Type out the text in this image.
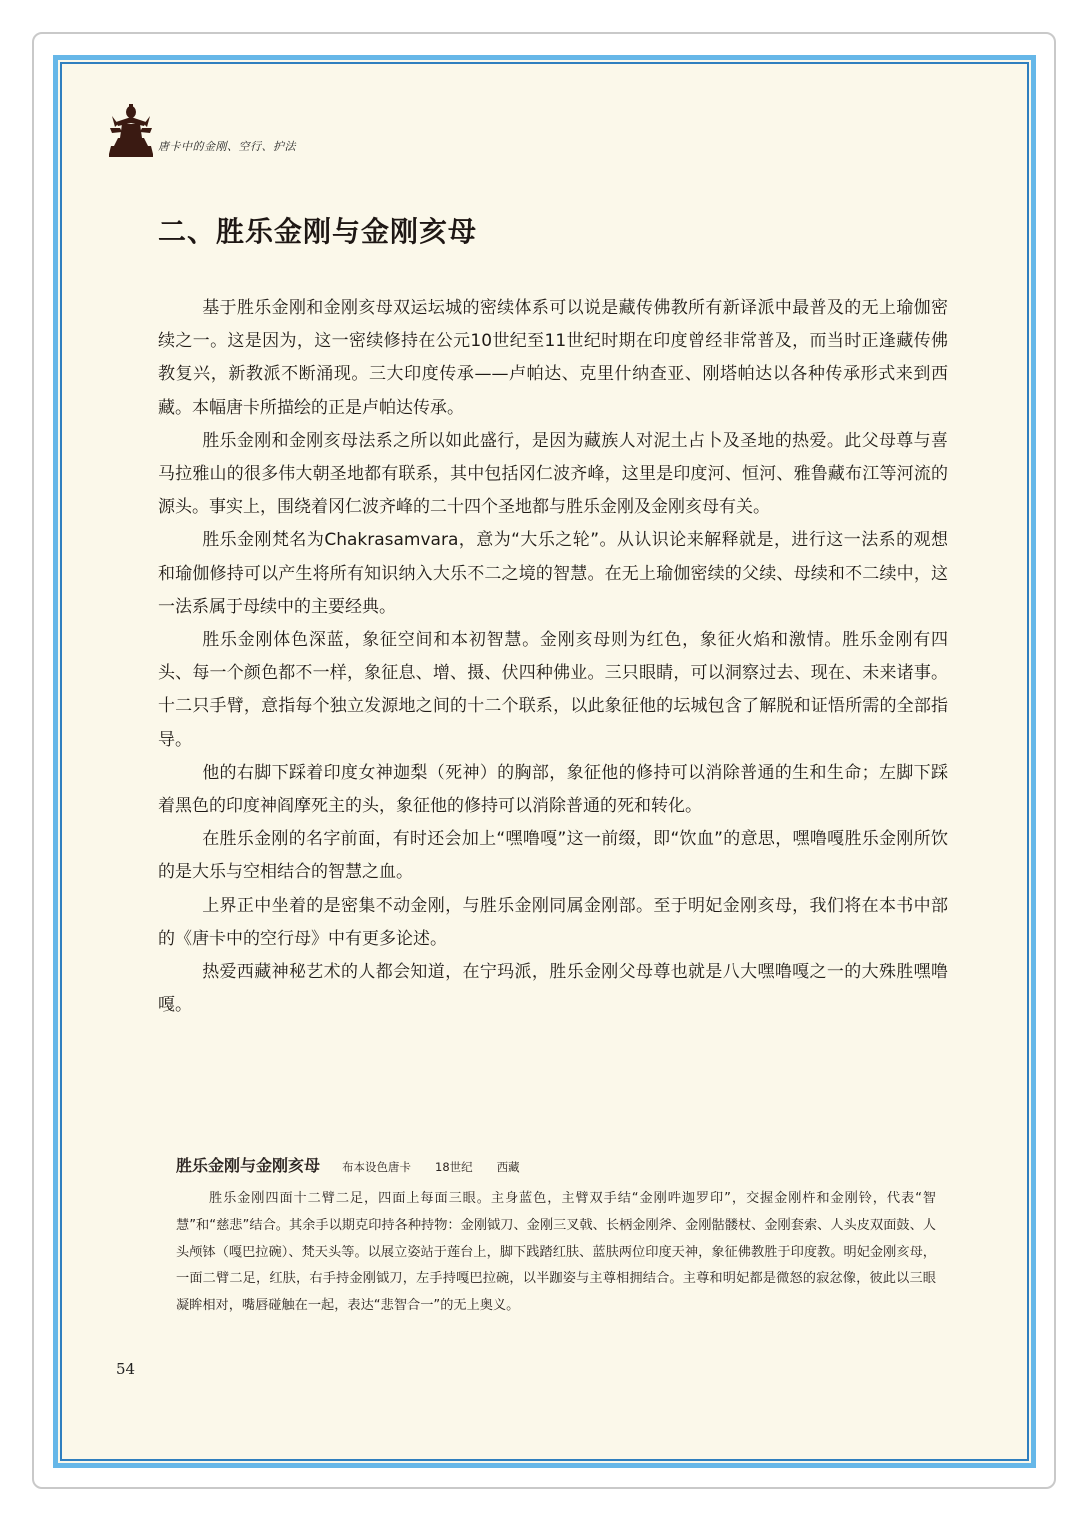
唐卡中的金刚、空行、护法
二、胜乐金刚与金刚亥母

基于胜乐金刚和金刚亥母双运坛城的密续体系可以说是藏传佛教所有新译派中最普及的无上瑜伽密续之一。这是因为，这一密续修持在公元10世纪至11世纪时期在印度曾经非常普及，而当时正逢藏传佛教复兴，新教派不断涌现。三大印度传承——卢帕达、克里什纳查亚、刚塔帕达以各种传承形式来到西藏。本幅唐卡所描绘的正是卢帕达传承。

胜乐金刚和金刚亥母法系之所以如此盛行，是因为藏族人对泥土占卜及圣地的热爱。此父母尊与喜马拉雅山的很多伟大朝圣地都有联系，其中包括冈仁波齐峰，这里是印度河、恒河、雅鲁藏布江等河流的源头。事实上，围绕着冈仁波齐峰的二十四个圣地都与胜乐金刚及金刚亥母有关。

胜乐金刚梵名为Chakrasamvara，意为“大乐之轮”。从认识论来解释就是，进行这一法系的观想和瑜伽修持可以产生将所有知识纳入大乐不二之境的智慧。在无上瑜伽密续的父续、母续和不二续中，这一法系属于母续中的主要经典。

胜乐金刚体色深蓝，象征空间和本初智慧。金刚亥母则为红色，象征火焰和激情。胜乐金刚有四头、每一个颜色都不一样，象征息、增、摄、伏四种佛业。三只眼睛，可以洞察过去、现在、未来诸事。十二只手臂，意指每个独立发源地之间的十二个联系，以此象征他的坛城包含了解脱和证悟所需的全部指导。

他的右脚下踩着印度女神迦梨（死神）的胸部，象征他的修持可以消除普通的生和生命；左脚下踩着黑色的印度神阎摩死主的头，象征他的修持可以消除普通的死和转化。

在胜乐金刚的名字前面，有时还会加上“嘿噜嘎”这一前缀，即“饮血”的意思，嘿噜嘎胜乐金刚所饮的是大乐与空相结合的智慧之血。

上界正中坐着的是密集不动金刚，与胜乐金刚同属金刚部。至于明妃金刚亥母，我们将在本书中部的《唐卡中的空行母》中有更多论述。

热爱西藏神秘艺术的人都会知道，在宁玛派，胜乐金刚父母尊也就是八大嘿噜嘎之一的大殊胜嘿噜嘎。

胜乐金刚与金刚亥母 布本设色唐卡 18世纪 西藏

胜乐金刚四面十二臂二足，四面上每面三眼。主身蓝色，主臂双手结“金刚吽迦罗印”，交握金刚杵和金刚铃，代表“智慧”和“慈悲”结合。其余手以期克印持各种持物：金刚钺刀、金刚三叉戟、长柄金刚斧、金刚骷髅杖、金刚套索、人头皮双面鼓、人头颅钵（嘎巴拉碗）、梵天头等。以展立姿站于莲台上，脚下践踏红肤、蓝肤两位印度天神，象征佛教胜于印度教。明妃金刚亥母，一面二臂二足，红肤，右手持金刚钺刀，左手持嘎巴拉碗，以半跏姿与主尊相拥结合。主尊和明妃都是微怒的寂忿像，彼此以三眼凝眸相对，嘴唇碰触在一起，表达“悲智合一”的无上奥义。

54
